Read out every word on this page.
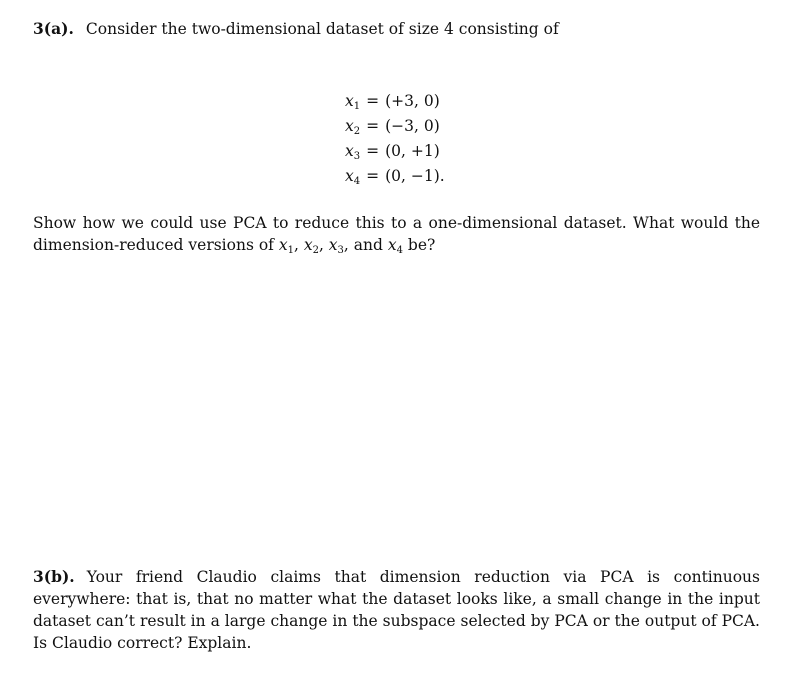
3(a). Consider the two-dimensional dataset of size 4 consisting of
$x_1 = (+3$, 0)
$x_2 = (-3$, 0)
$x_3 = (0$, +1)
$x_4 = (0$, −1).
Show how we could use PCA to reduce this to a one-dimensional dataset. What would the dimension-reduced versions of $x_1$, $x_2$, $x_3$, and $x_4$ be?
3(b). Your friend Claudio claims that dimension reduction via PCA is continuous everywhere: that is, that no matter what the dataset looks like, a small change in the input dataset can’t result in a large change in the subspace selected by PCA or the output of PCA. Is Claudio correct? Explain.
